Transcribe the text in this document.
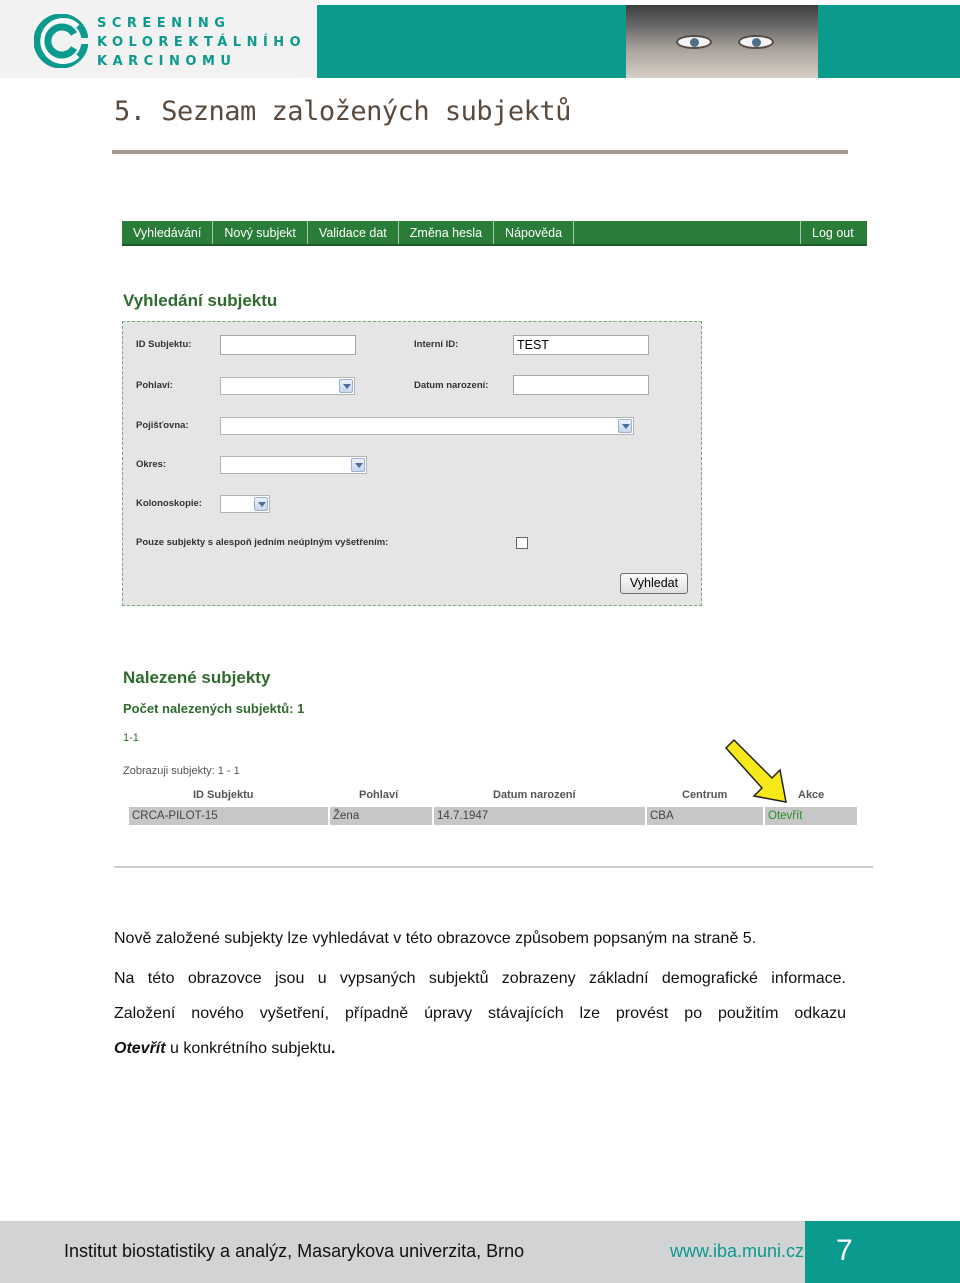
SCREENING
KOLOREKTÁLNÍHO
KARCINOMU
5. Seznam založených subjektů
Vyhledávání	Nový subjekt	Validace dat	Změna hesla	Nápověda	Log out
Vyhledání subjektu
ID Subjektu:	Interní ID:	TEST
Pohlaví:	Datum narození:
Pojišťovna:
Okres:
Kolonoskopie:
Pouze subjekty s alespoň jedním neúplným vyšetřením:
Vyhledat
Nalezené subjekty
Počet nalezených subjektů: 1
1-1
Zobrazuji subjekty: 1 - 1
ID Subjektu	Pohlaví	Datum narození	Centrum	Akce
CRCA-PILOT-15	Žena	14.7.1947	CBA	Otevřít
Nově založené subjekty lze vyhledávat v této obrazovce způsobem popsaným na straně 5.
Na této obrazovce jsou u vypsaných subjektů zobrazeny základní demografické informace.
Založení nového vyšetření, případně úpravy stávajících lze provést po použitím odkazu
Otevřít u konkrétního subjektu.
Institut biostatistiky a analýz, Masarykova univerzita, Brno	www.iba.muni.cz 7
